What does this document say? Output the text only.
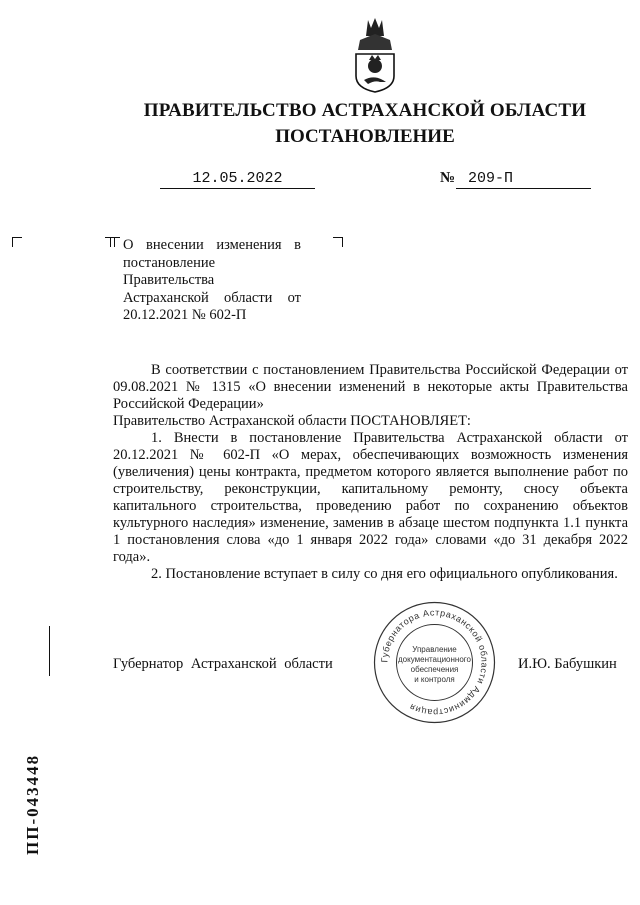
ПРАВИТЕЛЬСТВО АСТРАХАНСКОЙ ОБЛАСТИ
ПОСТАНОВЛЕНИЕ
12.05.2022	№ 209-П
О внесении изменения в постановление Правительства Астраханской области от 20.12.2021 № 602-П

В соответствии с постановлением Правительства Российской Федерации от 09.08.2021 № 1315 «О внесении изменений в некоторые акты Правительства Российской Федерации»

Правительство Астраханской области ПОСТАНОВЛЯЕТ:

1. Внести в постановление Правительства Астраханской области от 20.12.2021 № 602-П «О мерах, обеспечивающих возможность изменения (увеличения) цены контракта, предметом которого является выполнение работ по строительству, реконструкции, капитальному ремонту, сносу объекта капитального строительства, проведению работ по сохранению объектов культурного наследия» изменение, заменив в абзаце шестом подпункта 1.1 пункта 1 постановления слова «до 1 января 2022 года» словами «до 31 декабря 2022 года».

2. Постановление вступает в силу со дня его официального опубликования.

Губернатор Астраханской области	Губернатора Астраханской области Администрация
Управление
документационного
обеспечения
и контроля
И.Ю. Бабушкин
ПП-043448
